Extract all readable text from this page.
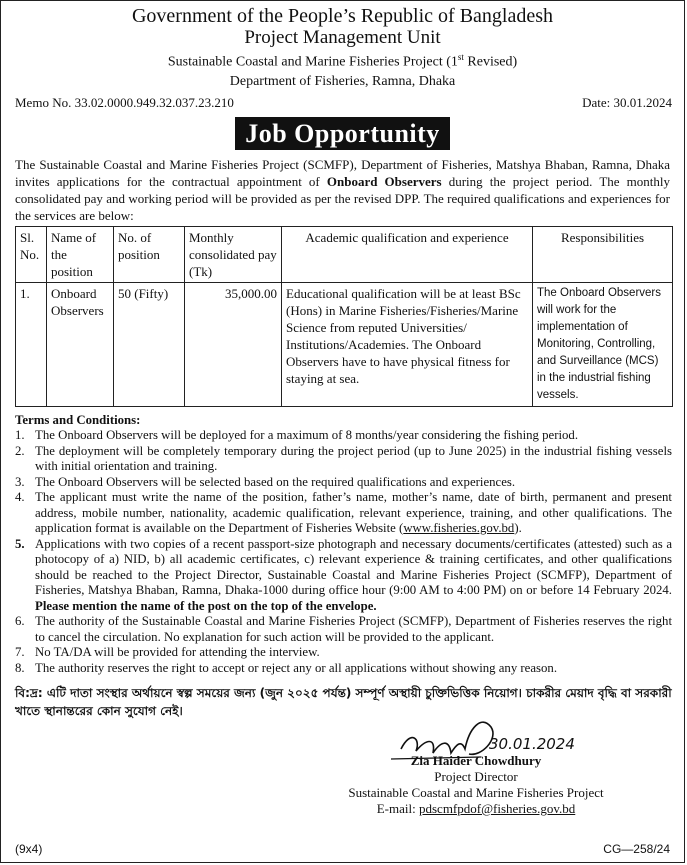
Government of the People’s Republic of Bangladesh
Project Management Unit
Sustainable Coastal and Marine Fisheries Project (1st Revised)
Department of Fisheries, Ramna, Dhaka
Memo No. 33.02.0000.949.32.037.23.210	Date: 30.01.2024
Job Opportunity
The Sustainable Coastal and Marine Fisheries Project (SCMFP), Department of Fisheries, Matshya Bhaban, Ramna, Dhaka invites applications for the contractual appointment of Onboard Observers during the project period. The monthly consolidated pay and working period will be provided as per the revised DPP. The required qualifications and experiences for the services are below:
Sl. No.	Name of the position	No. of position	Monthly consolidated pay (Tk)	Academic qualification and experience	Responsibilities
1.	Onboard Observers	50 (Fifty)	35,000.00	Educational qualification will be at least BSc (Hons) in Marine Fisheries/Fisheries/Marine Science from reputed Universities/ Institutions/Academies. The Onboard Observers have to have physical fitness for staying at sea.	The Onboard Observers will work for the implementation of Monitoring, Controlling, and Surveillance (MCS) in the industrial fishing vessels.
Terms and Conditions:
1. The Onboard Observers will be deployed for a maximum of 8 months/year considering the fishing period.
2. The deployment will be completely temporary during the project period (up to June 2025) in the industrial fishing vessels with initial orientation and training.
3. The Onboard Observers will be selected based on the required qualifications and experiences.
4. The applicant must write the name of the position, father’s name, mother’s name, date of birth, permanent and present address, mobile number, nationality, academic qualification, relevant experience, training, and other qualifications. The application format is available on the Department of Fisheries Website (www.fisheries.gov.bd).
5. Applications with two copies of a recent passport-size photograph and necessary documents/certificates (attested) such as a photocopy of a) NID, b) all academic certificates, c) relevant experience & training certificates, and other qualifications should be reached to the Project Director, Sustainable Coastal and Marine Fisheries Project (SCMFP), Department of Fisheries, Matshya Bhaban, Ramna, Dhaka-1000 during office hour (9:00 AM to 4:00 PM) on or before 14 February 2024. Please mention the name of the post on the top of the envelope.
6. The authority of the Sustainable Coastal and Marine Fisheries Project (SCMFP), Department of Fisheries reserves the right to cancel the circulation. No explanation for such action will be provided to the applicant.
7. No TA/DA will be provided for attending the interview.
8. The authority reserves the right to accept or reject any or all applications without showing any reason.
বি:দ্র: এটি দাতা সংস্থার অর্থায়নে স্বল্প সময়ের জন্য (জুন ২০২৫ পর্যন্ত) সম্পূর্ণ অস্থায়ী চুক্তিভিত্তিক নিয়োগ। চাকরীর মেয়াদ বৃদ্ধি বা সরকারী খাতে স্থানান্তরের কোন সুযোগ নেই।
30.01.2024
Zia Haider Chowdhury
Project Director
Sustainable Coastal and Marine Fisheries Project
E-mail: pdscmfpdof@fisheries.gov.bd
(9x4)	CG—258/24
